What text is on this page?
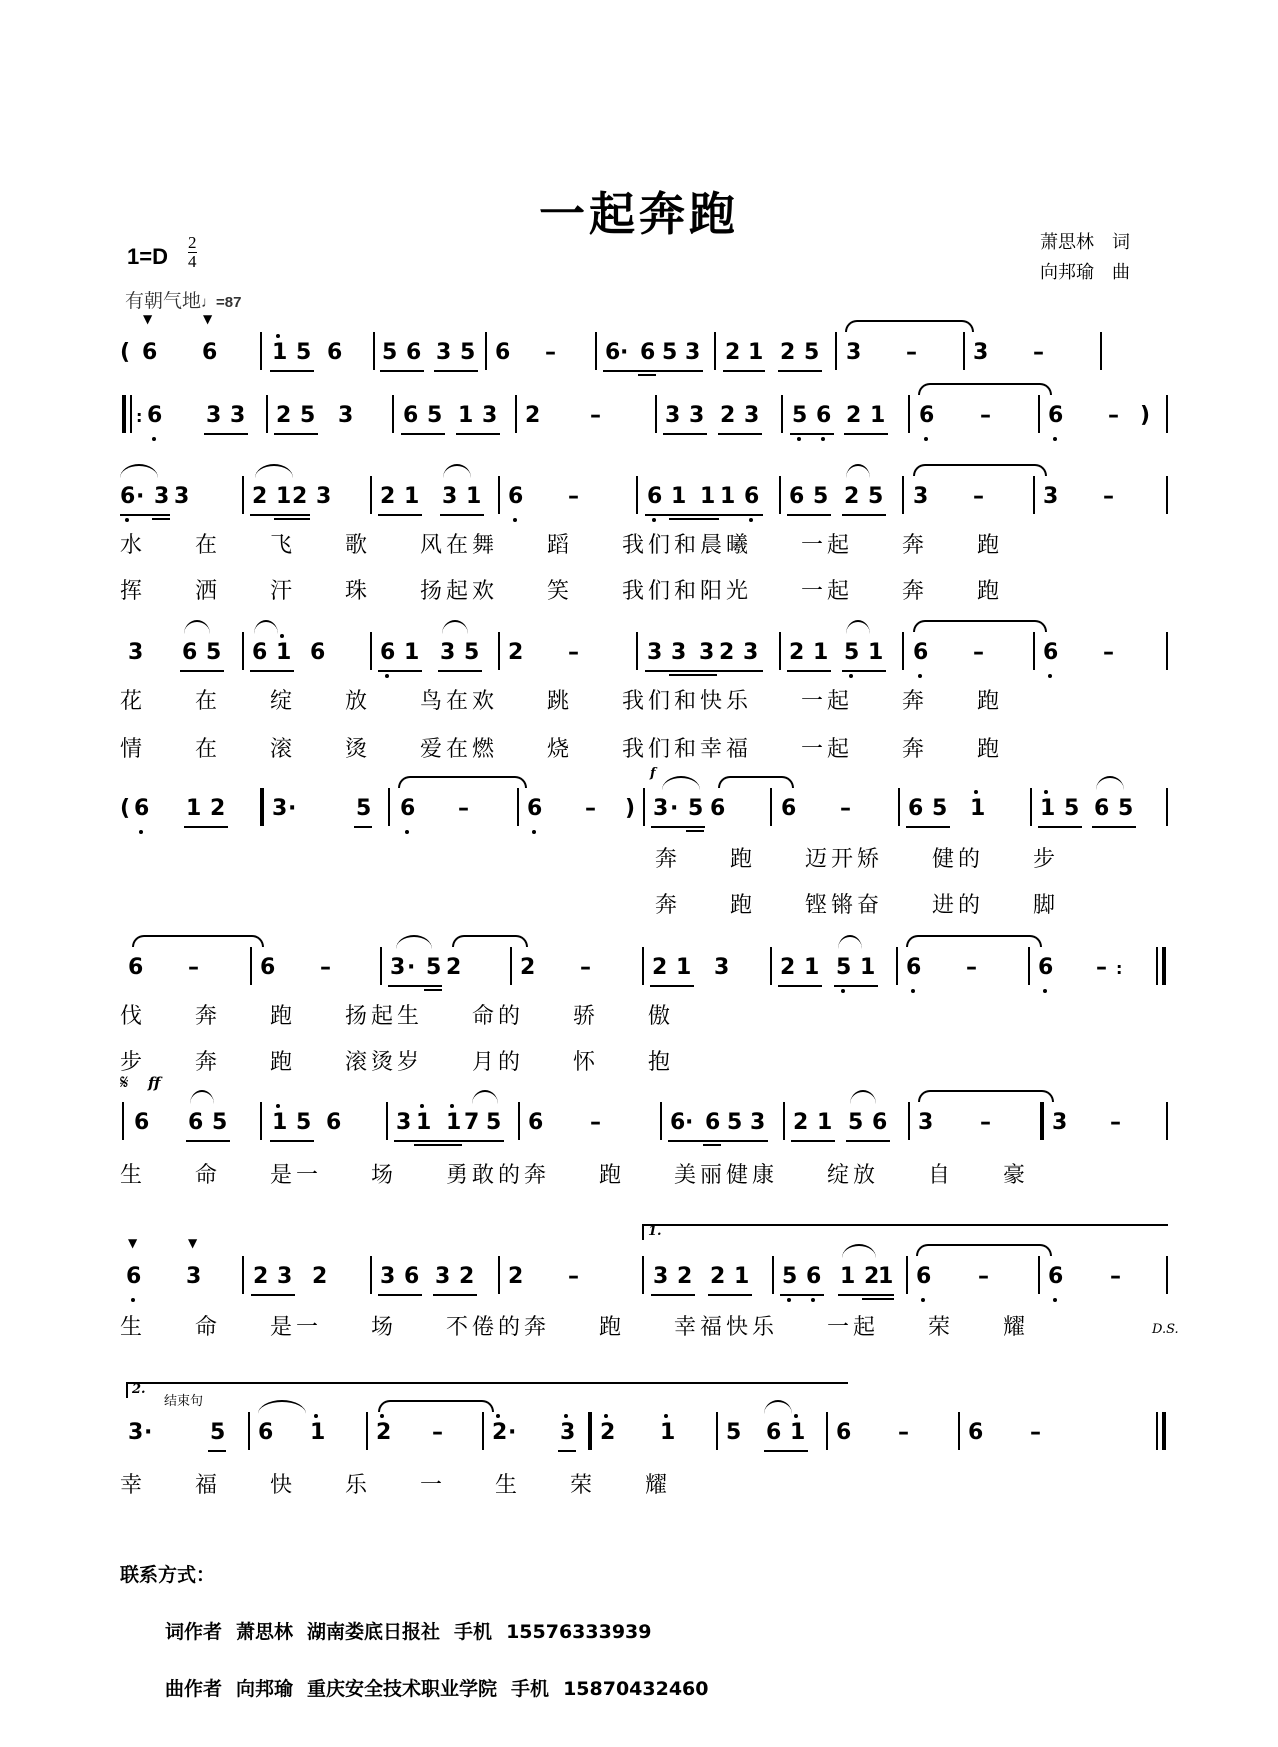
一起奔跑
1=D
2
4
有朝气地♩=87
萧思林 词
向邦瑜 曲
▼	▼
( 6 6 1 5 6 5 6 3 5 6 – 6 · 6 5 3 2 1 2 5 3 –	3 –
: 6 3 3 2 5 3 6 5 1 3 2 –	3 3 2 3 5 6 2 1 6 –	6 – )
6 · 3 3	2 1 2 3 2 1 3 1 6 –	6 1 1 1 6 6 5 2 5 3 –	3 –
水 在 飞 歌 风在舞 蹈 我们和晨曦 一起 奔 跑
挥 洒 汗 珠 扬起欢 笑 我们和阳光 一起 奔 跑
3 6 5 6 1 6 6 1 3 5 2 –	3 3 3 2 3 2 1 5 1 6 –	6 –
花 在 绽 放 鸟在欢 跳 我们和快乐 一起 奔 跑
情 在 滚 烫 爱在燃 烧 我们和幸福 一起 奔 跑
( 6 1 2 3 ·	5 6 –	6 – )
f
3 · 5 6	6 –	6 5 1 1 5 6 5
奔 跑 迈开矫 健的 步
奔 跑 铿锵奋 进的 脚
6 –	6 –	3 · 5 2	2 –	2 1 3 2 1 5 1 6 –	6 – :
伐 奔 跑 扬起生 命的 骄 傲
步 奔 跑 滚烫岁 月的 怀 抱
𝄋 ff
6 6 5 1 5 6 3 1 1 7 5 6 –	6 · 6 5 3 2 1 5 6 3 –	3 –
生 命 是一 场 勇敢的奔 跑 美丽健康 绽放 自 豪
1.
▼	▼
6 3 2 3 2 3 6 3 2 2 –	3 2 2 1 5 6 1 2
1 6 –	6 –
生 命 是一 场 不倦的奔 跑 幸福快乐 一起 荣 耀	D.S.
2.
结束句
3 ·	5 6 1 2 – 2 · 3 2 1 5 6 1 6 –	6 –
幸 福 快 乐 一 生 荣 耀
联系方式：
词作者 萧思林 湖南娄底日报社 手机 15576333939
曲作者 向邦瑜 重庆安全技术职业学院 手机 15870432460
